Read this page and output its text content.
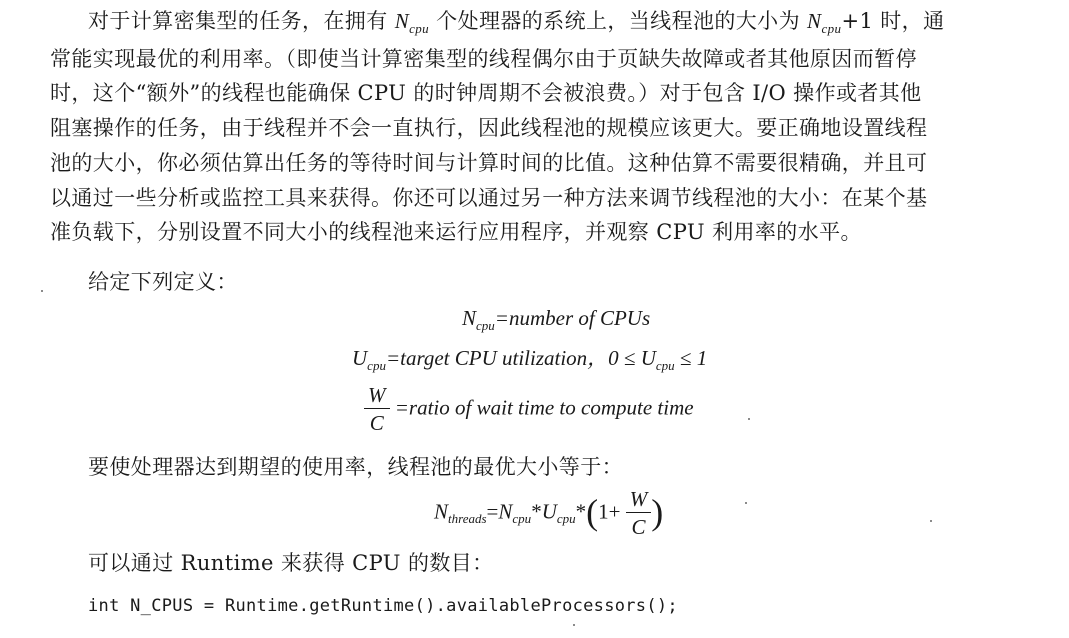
对于计算密集型的任务，在拥有 $N_{cpu}$ 个处理器的系统上，当线程池的大小为 $N_{cpu}+1$ 时，通
常能实现最优的利用率。（即使当计算密集型的线程偶尔由于页缺失故障或者其他原因而暂停
时，这个“额外”的线程也能确保 CPU 的时钟周期不会被浪费。）对于包含 I/O 操作或者其他
阻塞操作的任务，由于线程并不会一直执行，因此线程池的规模应该更大。要正确地设置线程
池的大小，你必须估算出任务的等待时间与计算时间的比值。这种估算不需要很精确，并且可
以通过一些分析或监控工具来获得。你还可以通过另一种方法来调节线程池的大小：在某个基
准负载下，分别设置不同大小的线程池来运行应用程序，并观察 CPU 利用率的水平。
给定下列定义：
$N_{cpu}=number$ of CPUs
$U_{cpu}=target$ CPU utilization，$0 \le U_{cpu} \le 1$
$\frac{W}{C}$ =ratio of wait time to compute time
要使处理器达到期望的使用率，线程池的最优大小等于：
$N_{threads}=N_{cpu}*U_{cpu}*(1+ \frac{W}{C}$ )
可以通过 Runtime 来获得 CPU 的数目：
int N_CPUS = Runtime.getRuntime().availableProcessors();
